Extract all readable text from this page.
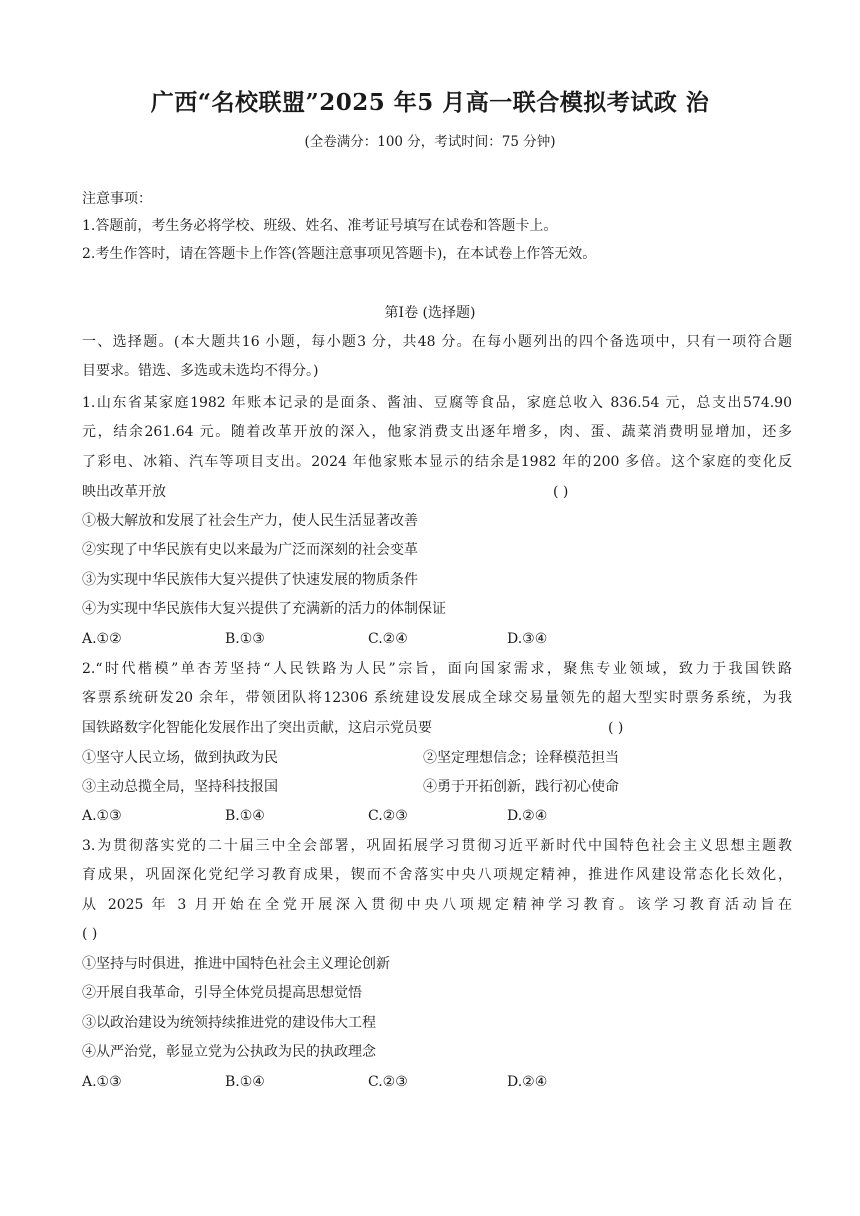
广西“名校联盟”2025 年5 月高一联合模拟考试政 治
(全卷满分：100 分，考试时间：75 分钟)
注意事项：
1.答题前，考生务必将学校、班级、姓名、准考证号填写在试卷和答题卡上。
2.考生作答时，请在答题卡上作答(答题注意事项见答题卡)，在本试卷上作答无效。
第Ⅰ卷 (选择题)
一、选择题。(本大题共16 小题，每小题3 分，共48 分。在每小题列出的四个备选项中，只有一项符合题
目要求。错选、多选或未选均不得分。)
1.山东省某家庭1982 年账本记录的是面条、酱油、豆腐等食品，家庭总收入 836.54 元，总支出574.90
元，结余261.64 元。随着改革开放的深入，他家消费支出逐年增多，肉、蛋、蔬菜消费明显增加，还多
了彩电、冰箱、汽车等项目支出。2024 年他家账本显示的结余是1982 年的200 多倍。这个家庭的变化反
映出改革开放	( )
①极大解放和发展了社会生产力，使人民生活显著改善
②实现了中华民族有史以来最为广泛而深刻的社会变革
③为实现中华民族伟大复兴提供了快速发展的物质条件
④为实现中华民族伟大复兴提供了充满新的活力的体制保证
A.①②	B.①③	C.②④	D.③④
2.“时代楷模”单杏芳坚持“人民铁路为人民”宗旨，面向国家需求，聚焦专业领域，致力于我国铁路
客票系统研发20 余年，带领团队将12306 系统建设发展成全球交易量领先的超大型实时票务系统，为我
国铁路数字化智能化发展作出了突出贡献，这启示党员要	( )
①坚守人民立场，做到执政为民	②坚定理想信念；诠释模范担当
③主动总揽全局，坚持科技报国	④勇于开拓创新，践行初心使命
A.①③	B.①④	C.②③	D.②④
3.为贯彻落实党的二十届三中全会部署，巩固拓展学习贯彻习近平新时代中国特色社会主义思想主题教
育成果，巩固深化党纪学习教育成果，锲而不舍落实中央八项规定精神，推进作风建设常态化长效化，
从 2025 年 3 月开始在全党开展深入贯彻中央八项规定精神学习教育。该学习教育活动旨在
( )
①坚持与时俱进，推进中国特色社会主义理论创新
②开展自我革命，引导全体党员提高思想觉悟
③以政治建设为统领持续推进党的建设伟大工程
④从严治党，彰显立党为公执政为民的执政理念
A.①③	B.①④	C.②③	D.②④
